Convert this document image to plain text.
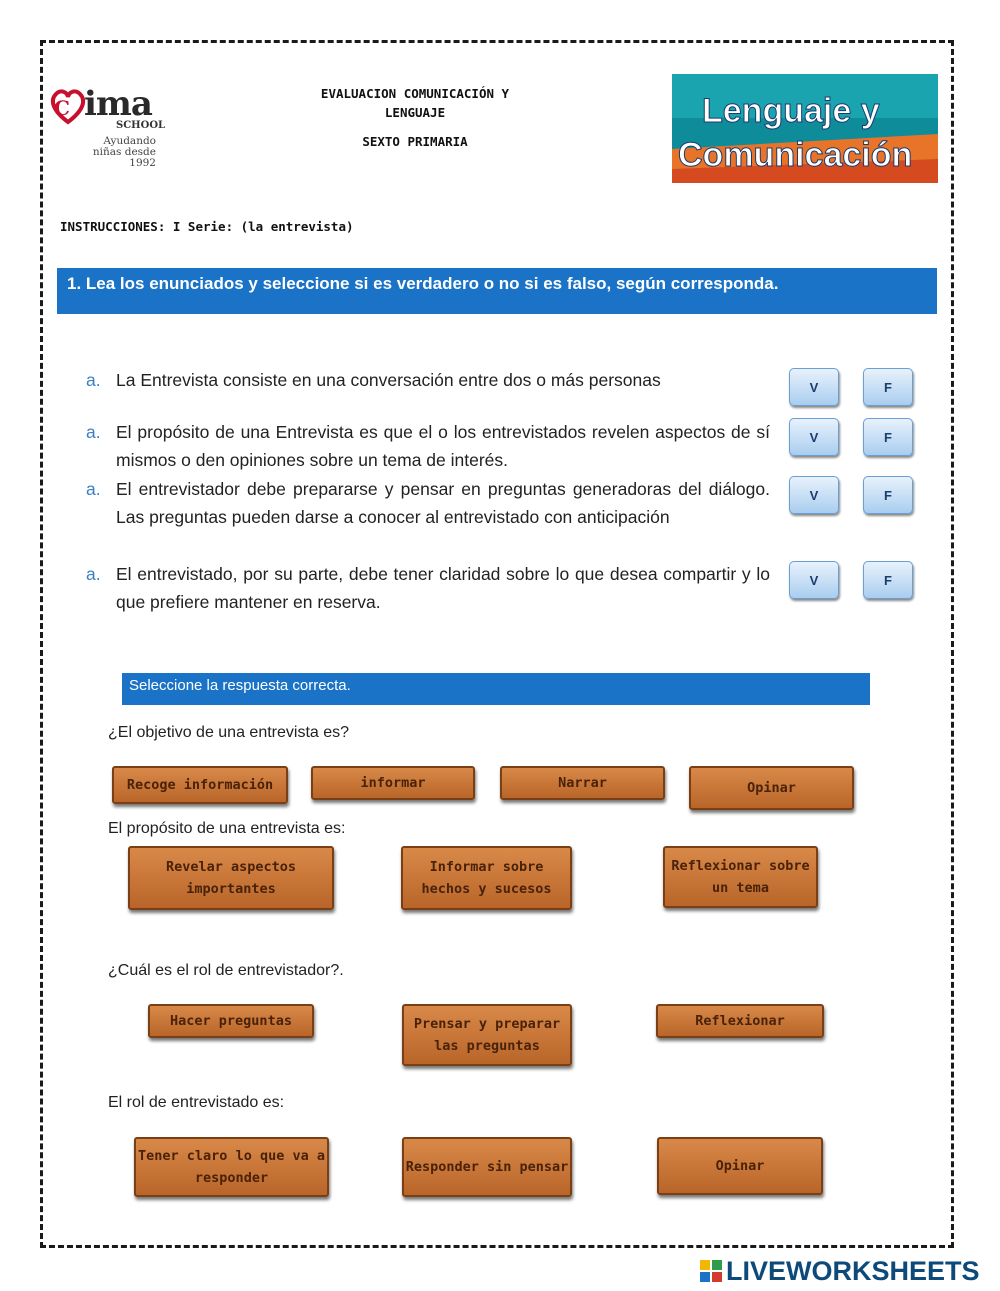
ima
SCHOOL
Ayudando
niñas desde
1992
C
EVALUACION COMUNICACIÓN Y
LENGUAJE
SEXTO PRIMARIA
Lenguaje y
Comunicación
INSTRUCCIONES: I Serie: (la entrevista)
1. Lea los enunciados y seleccione si es verdadero o no si es falso, según corresponda.
a. La Entrevista consiste en una conversación entre dos o más personas
a. El propósito de una Entrevista es que el o los entrevistados revelen aspectos de sí mismos o den opiniones sobre un tema de interés.
a. El entrevistador debe prepararse y pensar en preguntas generadoras del diálogo. Las preguntas pueden darse a conocer al entrevistado con anticipación
a. El entrevistado, por su parte, debe tener claridad sobre lo que desea compartir y lo que prefiere mantener en reserva.
V	F
V	F
V	F
V	F
Seleccione la respuesta correcta.
¿El objetivo de una entrevista es?
Recoge información	informar	Narrar	Opinar
El propósito de una entrevista es:
Revelar aspectos importantes
Informar sobre hechos y sucesos
Reflexionar sobre un tema
¿Cuál es el rol de entrevistador?.
Hacer preguntas	Prensar y preparar las preguntas
Reflexionar
El rol de entrevistado es:
Tener claro lo que va a responder
Responder sin pensar	Opinar
LIVEWORKSHEETS
